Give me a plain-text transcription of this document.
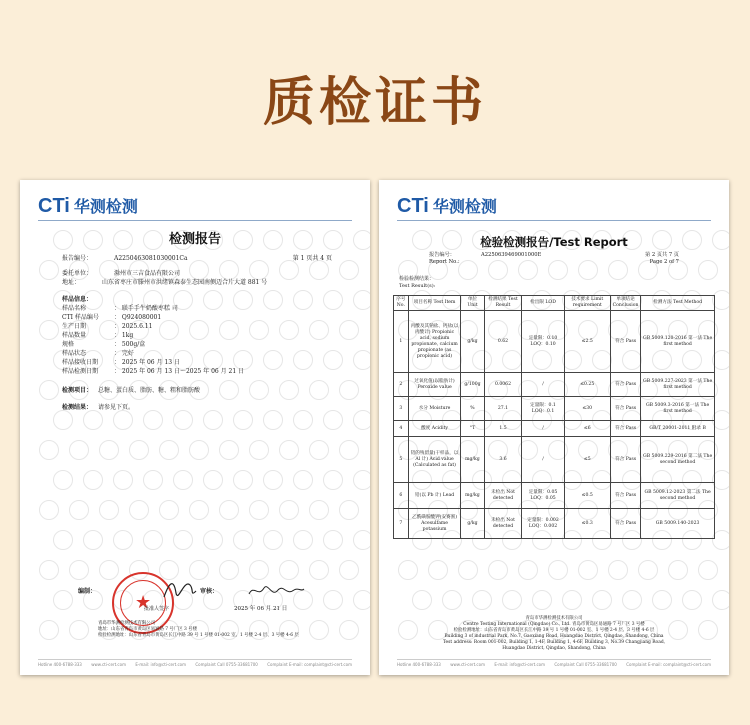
质检证书
CTi 华测检测
检测报告
报告编号：	A2250463081030001Ca	第 1 页共 4 页
委托单位：	滁州市三吉食品有限公司
地址：	山东省枣庄市滕州市洪绪镇森泰生态园南侧迈合片大道 881 号
样品信息：
样品名称	： 联手手牛奶酸枣糕 司
CTI 样品编号	： Q924080001
生产日期	： 2025.6.11
样品数量	： 1kg
规格	： 500g/盒
样品状态	： 完好
样品接收日期	： 2025 年 06 月 13 日
样品检测日期	： 2025 年 06 月 13 日～2025 年 06 月 21 日
检测项目： 总糖、蛋白质、脂肪、糖、粗和脂肪酸
检测结果： 请参见下页。
★
编制：	审核：
批准人签字	2025 年 06 月 21 日
青岛市华测检测技术有限公司
地址：山东省青岛市黄岛区易通路 7 号厂区 3 号楼
检验检测地址：山东省青岛市黄岛区长江中路 39 号 1 号楼 01-002 室、1 号楼 2-4 层、3 号楼 4-6 层
Hotline 400-6788-333 www.cti-cert.com E-mail: info@cti-cert.com Complaint Call 0755-33681700 Complaint E-mail: complaint@cti-cert.com
CTi 华测检测
检验检测报告/Test Report
报告编号：	A2250639469001000E	第 2 页共 7 页
Report No.:	Page 2 of 7
检验检测结果：
Test Result(s):
序号 No.	项目名称 Test Item	单位 Unit	检测结果 Test Result	检出限 LOD	技术要求 Limit requirement	单项结论 Conclusion	检测方法 Test Method
1	丙酸及其钠盐、钙盐(以丙酸计) Propionic acid, sodium propionate, calcium propionate (as propionic acid)	g/kg	0.62	定量限：0.10 LOQ：0.10	≤2.5	符合 Pass	GB 5009.120-2016 第一法 The first method
2	过氧化值(以脂肪计) Peroxide value	g/100g	0.0062	/	≤0.25	符合 Pass	GB 5009.227-2023 第一法 The first method
3	水分 Moisture	%	27.1	定量限：0.1 LOQ：0.1	≤30	符合 Pass	GB 5009.3-2016 第一法 The first method
4	酸度 Acidity	°T	1.5	/	≤6	符合 Pass	GB/T 20001-2011 附录 B
5	铝的残留量(干样品，以 Al 计) Acid value (Calculated as fat)	mg/kg	3.6	/	≤5	符合 Pass	GB 5009.229-2016 第二法 The second method
6	铅(以 Pb 计) Lead	mg/kg	未检出 Not detected	定量限：0.05 LOQ：0.05	≤0.5	符合 Pass	GB 5009.12-2023 第二法 The second method
7	乙酰磺胺酸钾(安赛蜜) Acesulfame potassium	g/kg	未检出 Not detected	定量限：0.002 LOQ：0.002	≤0.3	符合 Pass	GB 5009.140-2023
青岛市华测检测技术有限公司
Centre Testing International (Qingdao) Co., Ltd. 青岛市黄岛区易通路 7 号厂区 3 号楼
检验检测地址：山东省青岛市黄岛区长江中路 39 号 1 号楼 01-002 室、1 号楼 2-4 层、3 号楼 4-6 层
Building 3 of industrial Park, No.7, Gaoxiang Road, Huangdao District, Qingdao, Shandong, China
Test address: Room 001-002, Building 1, 1-4F, Building 1, 4-6F, Building 3, No.39 Changjiang Road,
Huangdao District, Qingdao, Shandong, China
Hotline 400-6788-333 www.cti-cert.com E-mail: info@cti-cert.com Complaint Call 0755-33681700 Complaint E-mail: complaint@cti-cert.com
